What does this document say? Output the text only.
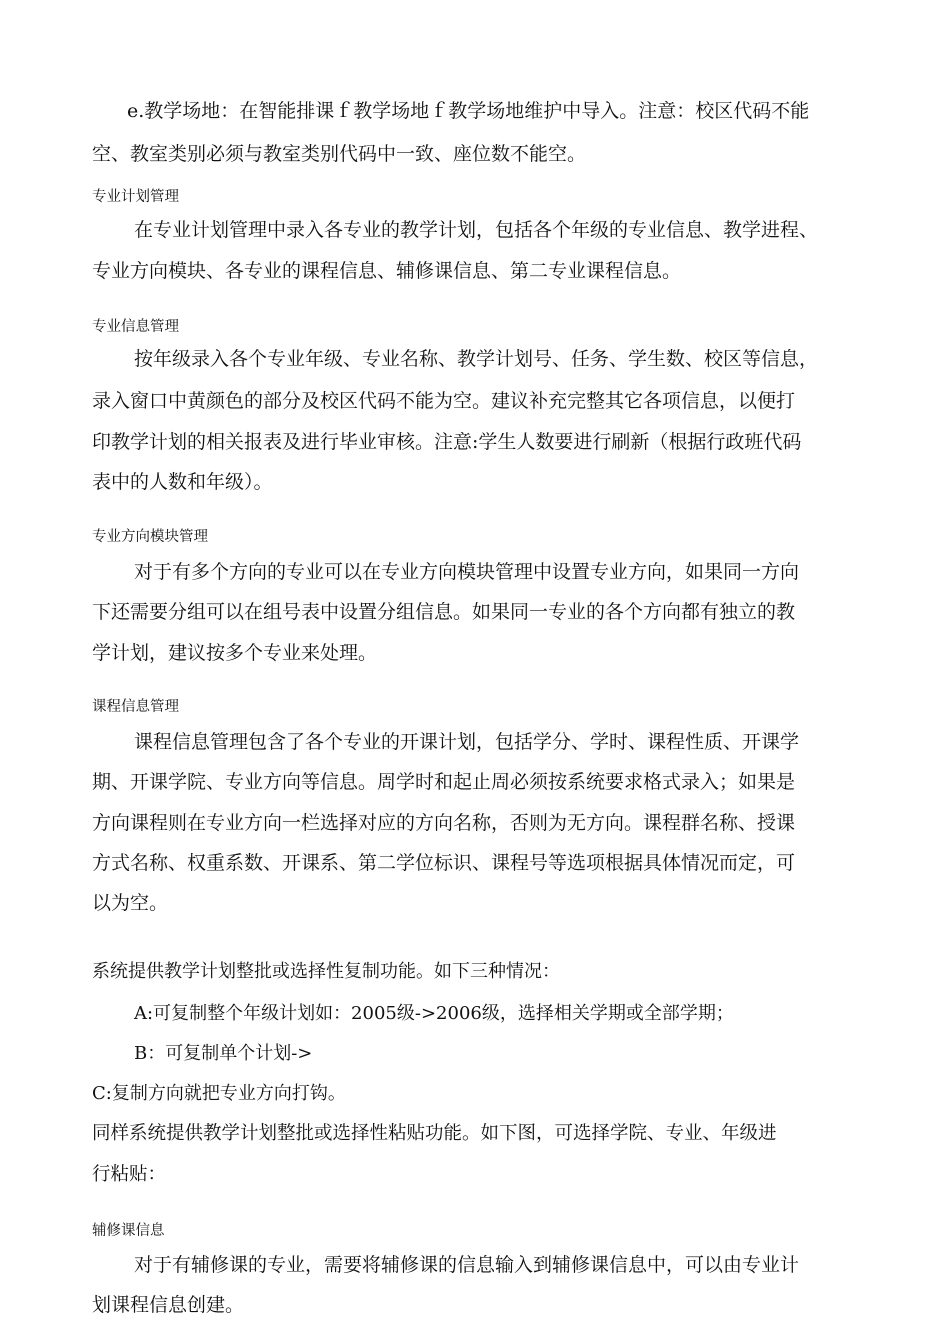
e.教学场地：在智能排课ｆ教学场地ｆ教学场地维护中导入。注意：校区代码不能
空、教室类别必须与教室类别代码中一致、座位数不能空。
专业计划管理
在专业计划管理中录入各专业的教学计划，包括各个年级的专业信息、教学进程、
专业方向模块、各专业的课程信息、辅修课信息、第二专业课程信息。
专业信息管理
按年级录入各个专业年级、专业名称、教学计划号、任务、学生数、校区等信息，
录入窗口中黄颜色的部分及校区代码不能为空。建议补充完整其它各项信息，以便打
印教学计划的相关报表及进行毕业审核。注意:学生人数要进行刷新（根据行政班代码
表中的人数和年级）。
专业方向模块管理
对于有多个方向的专业可以在专业方向模块管理中设置专业方向，如果同一方向
下还需要分组可以在组号表中设置分组信息。如果同一专业的各个方向都有独立的教
学计划，建议按多个专业来处理。
课程信息管理
课程信息管理包含了各个专业的开课计划，包括学分、学时、课程性质、开课学
期、开课学院、专业方向等信息。周学时和起止周必须按系统要求格式录入；如果是
方向课程则在专业方向一栏选择对应的方向名称，否则为无方向。课程群名称、授课
方式名称、权重系数、开课系、第二学位标识、课程号等选项根据具体情况而定，可
以为空。
系统提供教学计划整批或选择性复制功能。如下三种情况：
A:可复制整个年级计划如：2005级->2006级，选择相关学期或全部学期；
B：可复制单个计划->
C:复制方向就把专业方向打钩。
同样系统提供教学计划整批或选择性粘贴功能。如下图，可选择学院、专业、年级进
行粘贴：
辅修课信息
对于有辅修课的专业，需要将辅修课的信息输入到辅修课信息中，可以由专业计
划课程信息创建。
